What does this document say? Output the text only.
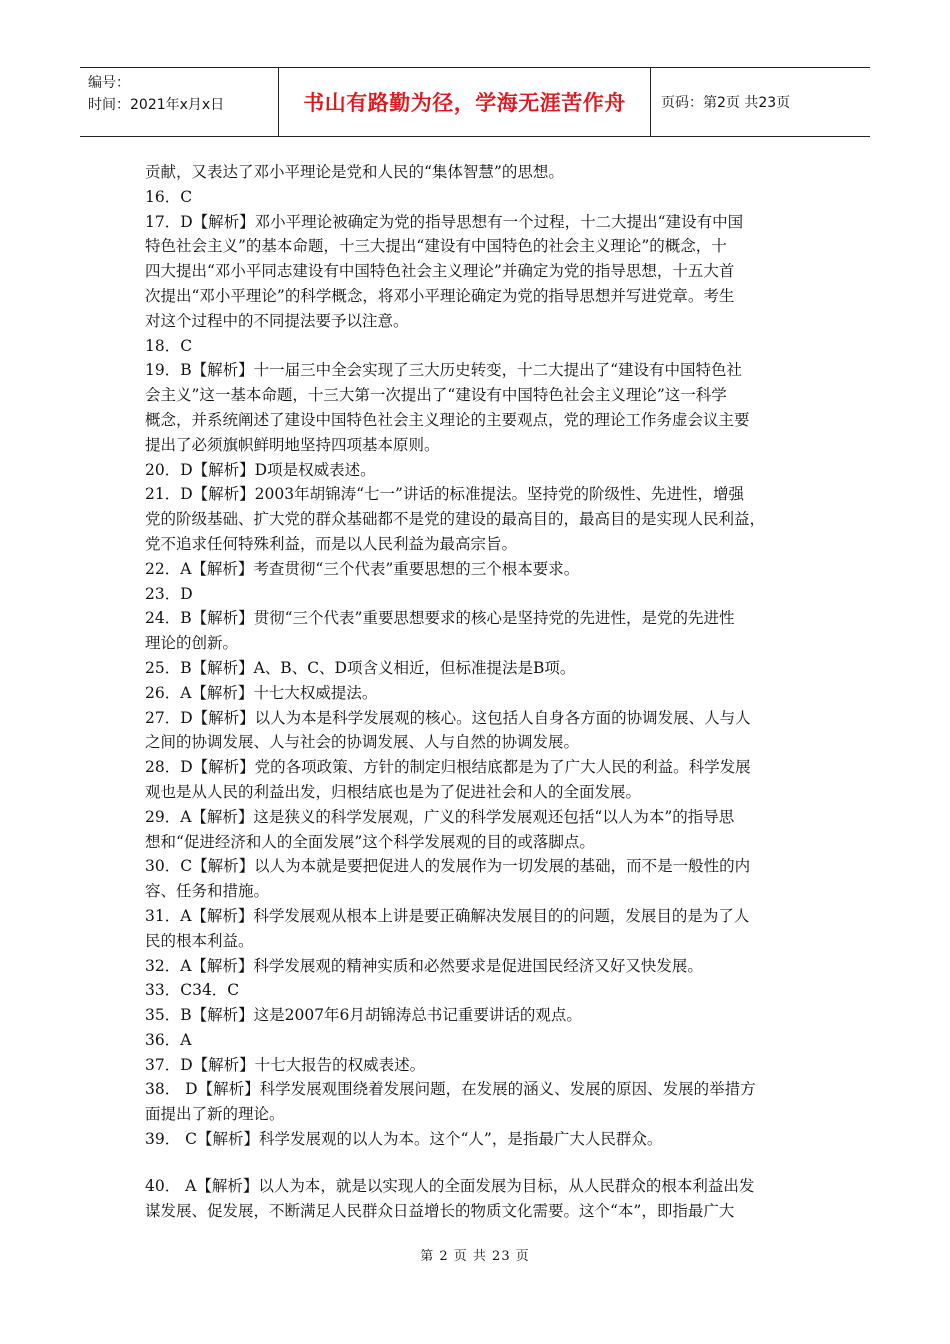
编号：
时间：2021年x月x日	书山有路勤为径，学海无涯苦作舟	页码：第2页 共23页

贡献，又表达了邓小平理论是党和人民的“集体智慧”的思想。

16．C

17．D【解析】邓小平理论被确定为党的指导思想有一个过程，十二大提出“建设有中国

特色社会主义”的基本命题，十三大提出“建设有中国特色的社会主义理论”的概念，十

四大提出“邓小平同志建设有中国特色社会主义理论”并确定为党的指导思想，十五大首

次提出“邓小平理论”的科学概念，将邓小平理论确定为党的指导思想并写进党章。考生

对这个过程中的不同提法要予以注意。

18．C

19．B【解析】十一届三中全会实现了三大历史转变，十二大提出了“建设有中国特色社

会主义”这一基本命题，十三大第一次提出了“建设有中国特色社会主义理论”这一科学

概念，并系统阐述了建设中国特色社会主义理论的主要观点，党的理论工作务虚会议主要

提出了必须旗帜鲜明地坚持四项基本原则。

20．D【解析】D项是权威表述。

21．D【解析】2003年胡锦涛“七一”讲话的标准提法。坚持党的阶级性、先进性，增强

党的阶级基础、扩大党的群众基础都不是党的建设的最高目的，最高目的是实现人民利益，

党不追求任何特殊利益，而是以人民利益为最高宗旨。

22．A【解析】考查贯彻“三个代表”重要思想的三个根本要求。

23．D

24．B【解析】贯彻“三个代表”重要思想要求的核心是坚持党的先进性，是党的先进性

理论的创新。

25．B【解析】A、B、C、D项含义相近，但标准提法是B项。

26．A【解析】十七大权威提法。

27．D【解析】以人为本是科学发展观的核心。这包括人自身各方面的协调发展、人与人

之间的协调发展、人与社会的协调发展、人与自然的协调发展。

28．D【解析】党的各项政策、方针的制定归根结底都是为了广大人民的利益。科学发展

观也是从人民的利益出发，归根结底也是为了促进社会和人的全面发展。

29．A【解析】这是狭义的科学发展观，广义的科学发展观还包括“以人为本”的指导思

想和“促进经济和人的全面发展”这个科学发展观的目的或落脚点。

30．C【解析】以人为本就是要把促进人的发展作为一切发展的基础，而不是一般性的内

容、任务和措施。

31．A【解析】科学发展观从根本上讲是要正确解决发展目的的问题，发展目的是为了人

民的根本利益。

32．A【解析】科学发展观的精神实质和必然要求是促进国民经济又好又快发展。

33．C34．C

35．B【解析】这是2007年6月胡锦涛总书记重要讲话的观点。

36．A

37．D【解析】十七大报告的权威表述。

38． D【解析】科学发展观围绕着发展问题，在发展的涵义、发展的原因、发展的举措方

面提出了新的理论。

39． C【解析】科学发展观的以人为本。这个“人”，是指最广大人民群众。

40． A【解析】以人为本，就是以实现人的全面发展为目标，从人民群众的根本利益出发

谋发展、促发展，不断满足人民群众日益增长的物质文化需要。这个“本”，即指最广大

第 2 页 共 23 页
